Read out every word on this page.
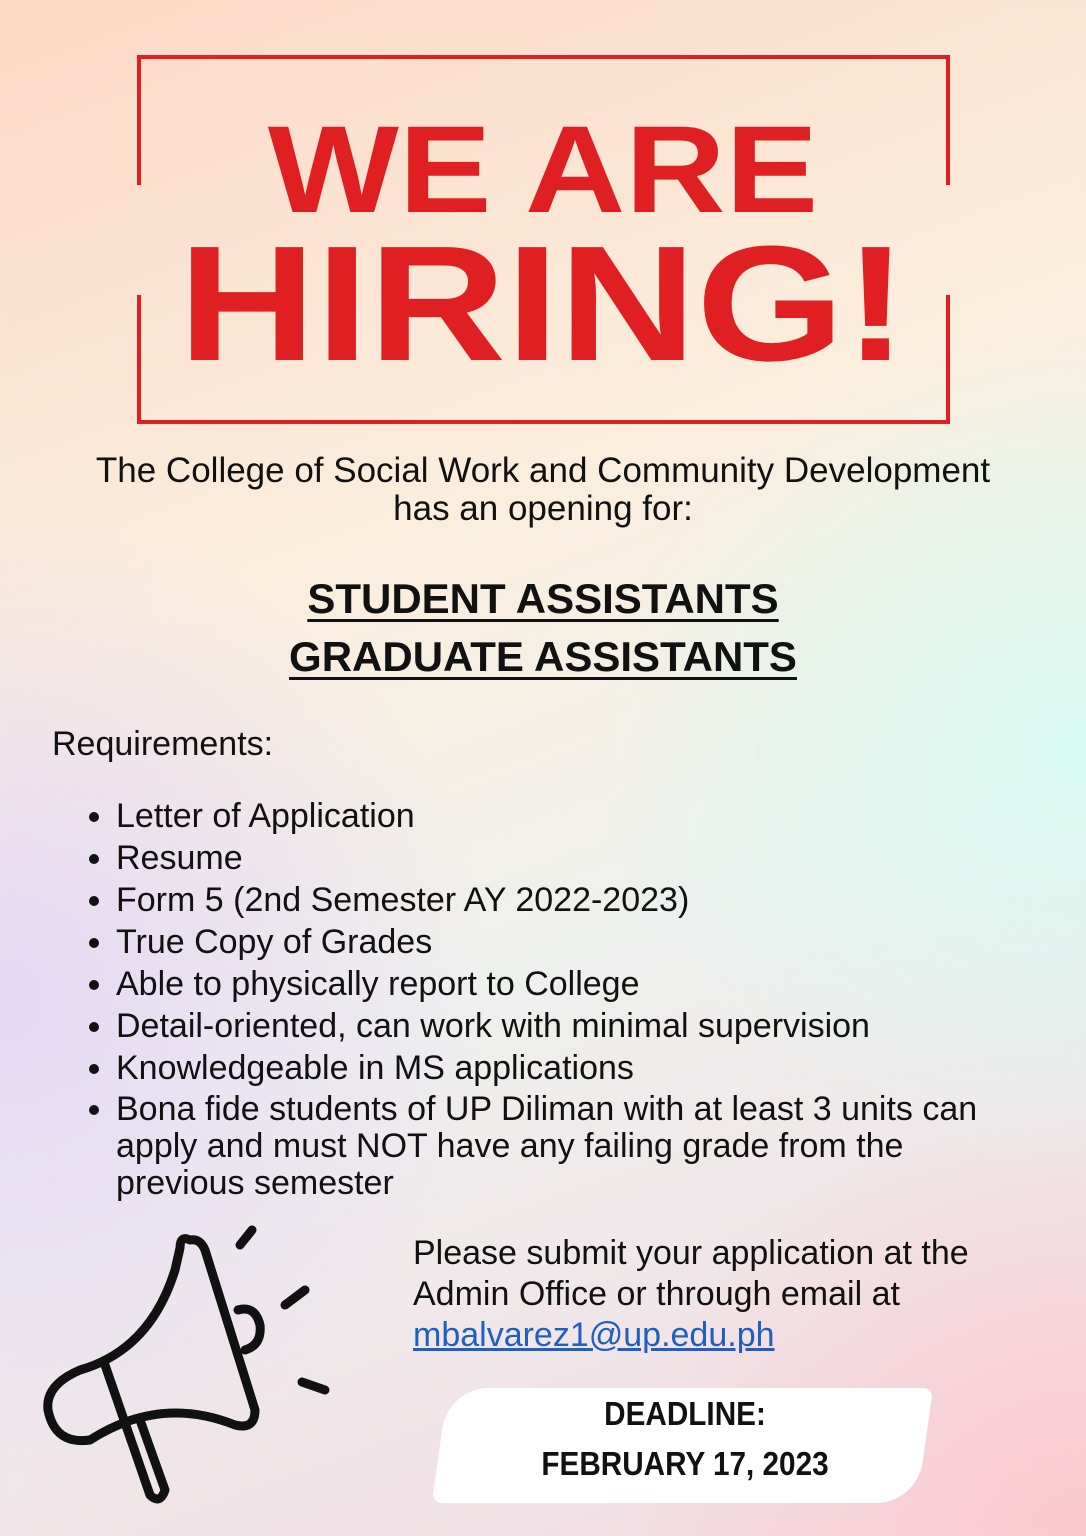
WE ARE
HIRING!
The College of Social Work and Community Development
has an opening for:
STUDENT ASSISTANTS
GRADUATE ASSISTANTS
Requirements:
• Letter of Application
• Resume
• Form 5 (2nd Semester AY 2022-2023)
• True Copy of Grades
• Able to physically report to College
• Detail-oriented, can work with minimal supervision
• Knowledgeable in MS applications
• Bona fide students of UP Diliman with at least 3 units can apply and must NOT have any failing grade from the previous semester
Please submit your application at the
Admin Office or through email at
mbalvarez1@up.edu.ph
DEADLINE:
FEBRUARY 17, 2023
